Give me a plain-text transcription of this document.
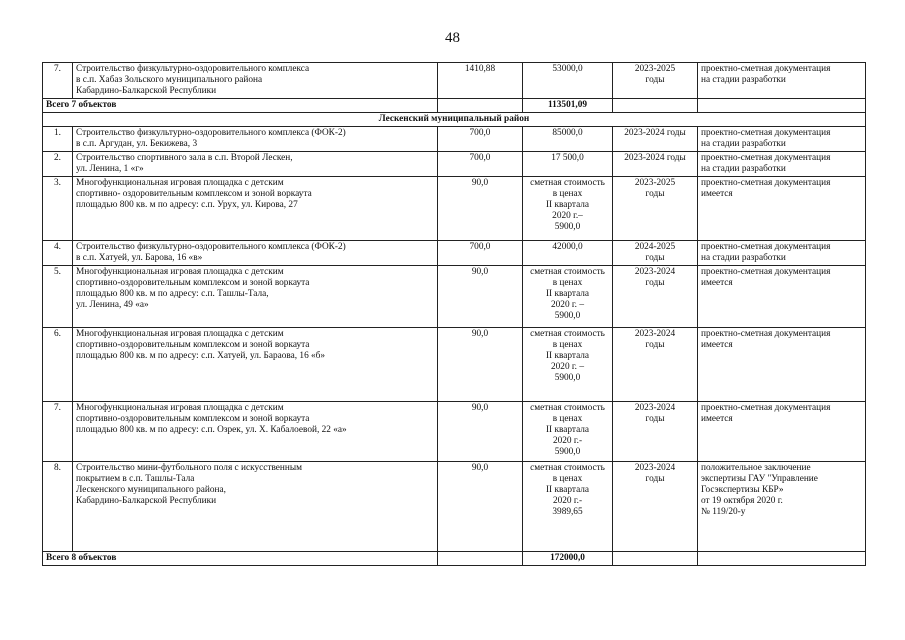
48
7.	Строительство физкультурно-оздоровительного комплекса
в с.п. Хабаз Зольского муниципального района
Кабардино-Балкарской Республики	1410,88	53000,0	2023-2025
годы	проектно-сметная документация
на стадии разработки

Всего 7 объектов			113501,09		
Лескенский муниципальный район					
1.	Строительство физкультурно-оздоровительного комплекса (ФОК-2)
в с.п. Аргудан, ул. Бекижева, 3	700,0	85000,0	2023-2024 годы	проектно-сметная документация
на стадии разработки

2.	Строительство спортивного зала в с.п. Второй Лескен,
ул. Ленина, 1 «г»	700,0	17 500,0	2023-2024 годы	проектно-сметная документация
на стадии разработки

3.	Многофункциональная игровая площадка с детским
спортивно- оздоровительным комплексом и зоной воркаута
площадью 800 кв. м по адресу: с.п. Урух, ул. Кирова, 27	90,0	сметная стоимость
в ценах
II квартала
2020 г.–
5900,0	2023-2025
годы	проектно-сметная документация
имеется

4.	Строительство физкультурно-оздоровительного комплекса (ФОК-2)
в с.п. Хатуей, ул. Барова, 16 «в»	700,0	42000,0	2024-2025
годы	проектно-сметная документация
на стадии разработки

5.	Многофункциональная игровая площадка с детским
спортивно-оздоровительным комплексом и зоной воркаута
площадью 800 кв. м по адресу: с.п. Ташлы-Тала,
ул. Ленина, 49 «а»	90,0	сметная стоимость
в ценах
II квартала
2020 г. –
5900,0	2023-2024
годы	проектно-сметная документация
имеется

6.	Многофункциональная игровая площадка с детским
спортивно-оздоровительным комплексом и зоной воркаута
площадью 800 кв. м по адресу: с.п. Хатуей, ул. Бараова, 16 «б»	90,0	сметная стоимость
в ценах
II квартала
2020 г. –
5900,0	2023-2024
годы	проектно-сметная документация
имеется

7.	Многофункциональная игровая площадка с детским
спортивно-оздоровительным комплексом и зоной воркаута
площадью 800 кв. м по адресу: с.п. Озрек, ул. Х. Кабалоевой, 22 «а»	90,0	сметная стоимость
в ценах
II квартала
2020 г.-
5900,0	2023-2024
годы	проектно-сметная документация
имеется

8.	Строительство мини-футбольного поля с искусственным
покрытием в с.п. Ташлы-Тала
Лескенского муниципального района,
Кабардино-Балкарской Республики	90,0	сметная стоимость
в ценах
II квартала
2020 г.-
3989,65	2023-2024
годы	положительное заключение
экспертизы ГАУ "Управление
Госэкспертизы КБР»
от 19 октября 2020 г.
№ 119/20-у

Всего 8 объектов			172000,0		
